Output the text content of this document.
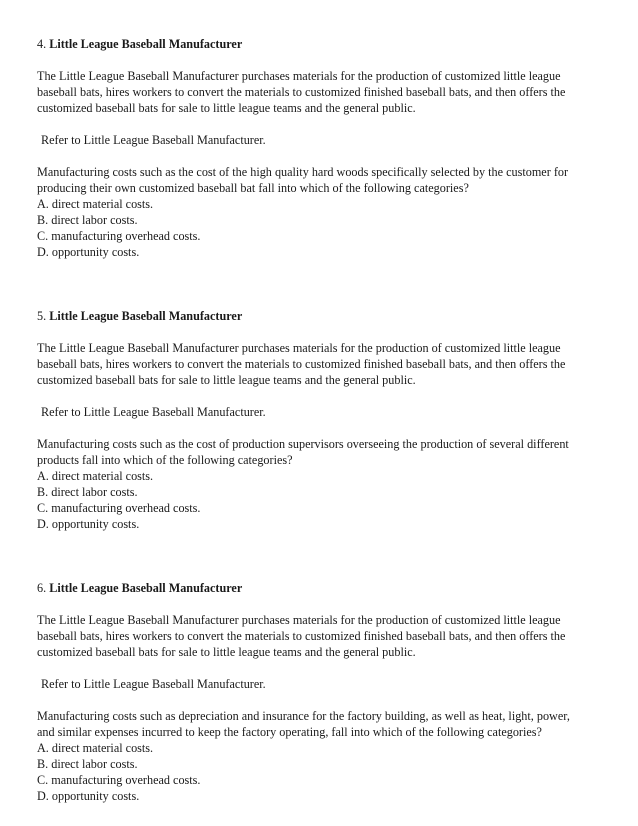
4. Little League Baseball Manufacturer
The Little League Baseball Manufacturer purchases materials for the production of customized little league
baseball bats, hires workers to convert the materials to customized finished baseball bats, and then offers the
customized baseball bats for sale to little league teams and the general public.
Refer to Little League Baseball Manufacturer.
Manufacturing costs such as the cost of the high quality hard woods specifically selected by the customer for
producing their own customized baseball bat fall into which of the following categories?
A. direct material costs.
B. direct labor costs.
C. manufacturing overhead costs.
D. opportunity costs.
5. Little League Baseball Manufacturer
The Little League Baseball Manufacturer purchases materials for the production of customized little league
baseball bats, hires workers to convert the materials to customized finished baseball bats, and then offers the
customized baseball bats for sale to little league teams and the general public.
Refer to Little League Baseball Manufacturer.
Manufacturing costs such as the cost of production supervisors overseeing the production of several different
products fall into which of the following categories?
A. direct material costs.
B. direct labor costs.
C. manufacturing overhead costs.
D. opportunity costs.
6. Little League Baseball Manufacturer
The Little League Baseball Manufacturer purchases materials for the production of customized little league
baseball bats, hires workers to convert the materials to customized finished baseball bats, and then offers the
customized baseball bats for sale to little league teams and the general public.
Refer to Little League Baseball Manufacturer.
Manufacturing costs such as depreciation and insurance for the factory building, as well as heat, light, power,
and similar expenses incurred to keep the factory operating, fall into which of the following categories?
A. direct material costs.
B. direct labor costs.
C. manufacturing overhead costs.
D. opportunity costs.
